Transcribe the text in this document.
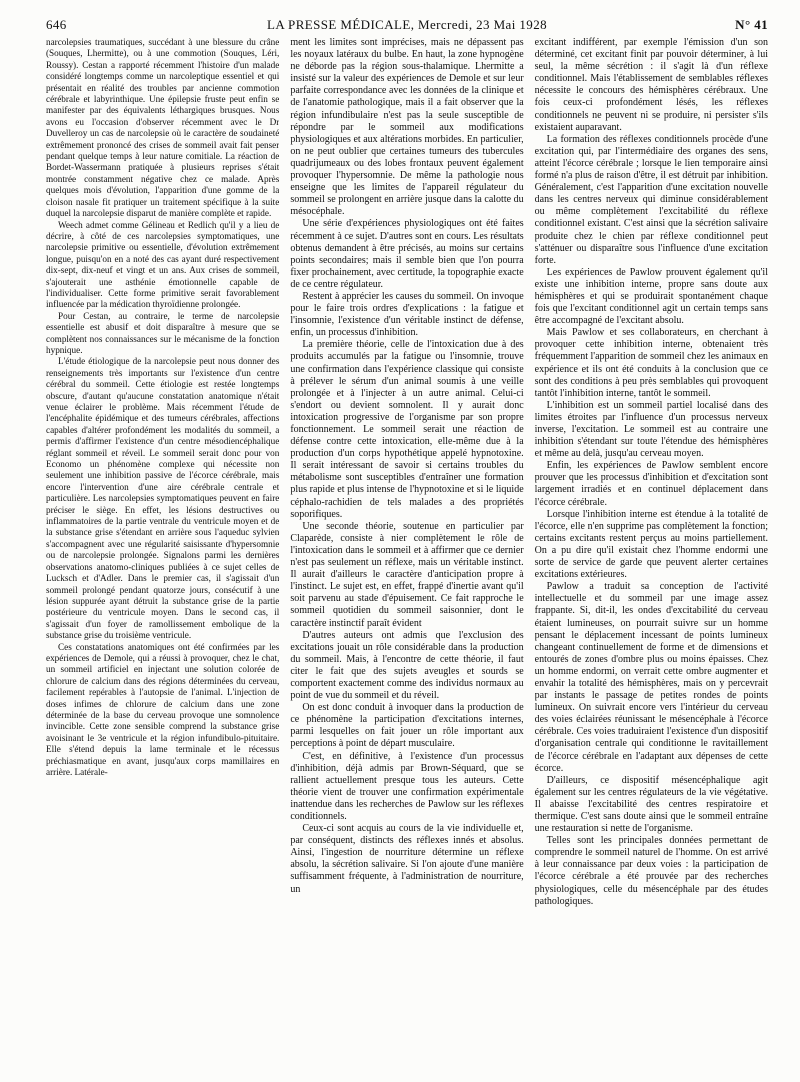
646	LA PRESSE MÉDICALE, Mercredi, 23 Mai 1928	N° 41

narcolepsies traumatiques, succédant à une blessure du crâne (Souques, Lhermitte), ou à une commotion (Souques, Léri, Roussy). Cestan a rapporté récemment l'histoire d'un malade considéré longtemps comme un narcoleptique essentiel et qui présentait en réalité des troubles par ancienne commotion cérébrale et labyrinthique. Une épilepsie fruste peut enfin se manifester par des équivalents léthargiques brusques. Nous avons eu l'occasion d'observer récemment avec le Dr Duvelleroy un cas de narcolepsie où le caractère de soudaineté extrêmement prononcé des crises de sommeil avait fait penser pendant quelque temps à leur nature comitiale. La réaction de Bordet-Wassermann pratiquée à plusieurs reprises s'était montrée constamment négative chez ce malade. Après quelques mois d'évolution, l'apparition d'une gomme de la cloison nasale fit pratiquer un traitement spécifique à la suite duquel la narcolepsie disparut de manière complète et rapide.

Weech admet comme Gélineau et Redlich qu'il y a lieu de décrire, à côté de ces narcolepsies symptomatiques, une narcolepsie primitive ou essentielle, d'évolution extrêmement longue, puisqu'on en a noté des cas ayant duré respectivement dix-sept, dix-neuf et vingt et un ans. Aux crises de sommeil, s'ajouterait une asthénie émotionnelle capable de l'individualiser. Cette forme primitive serait favorablement influencée par la médication thyroïdienne prolongée.

Pour Cestan, au contraire, le terme de narcolepsie essentielle est abusif et doit disparaître à mesure que se complètent nos connaissances sur le mécanisme de la fonction hypnique.

L'étude étiologique de la narcolepsie peut nous donner des renseignements très importants sur l'existence d'un centre cérébral du sommeil. Cette étiologie est restée longtemps obscure, d'autant qu'aucune constatation anatomique n'était venue éclairer le problème. Mais récemment l'étude de l'encéphalite épidémique et des tumeurs cérébrales, affections capables d'altérer profondément les modalités du sommeil, a permis d'affirmer l'existence d'un centre mésodiencéphalique réglant sommeil et réveil. Le sommeil serait donc pour von Economo un phénomène complexe qui nécessite non seulement une inhibition passive de l'écorce cérébrale, mais encore l'intervention d'une aire cérébrale centrale et particulière. Les narcolepsies symptomatiques peuvent en faire préciser le siège. En effet, les lésions destructives ou inflammatoires de la partie ventrale du ventricule moyen et de la substance grise s'étendant en arrière sous l'aqueduc sylvien s'accompagnent avec une régularité saisissante d'hypersomnie ou de narcolepsie prolongée. Signalons parmi les dernières observations anatomo-cliniques publiées à ce sujet celles de Lucksch et d'Adler. Dans le premier cas, il s'agissait d'un sommeil prolongé pendant quatorze jours, consécutif à une lésion suppurée ayant détruit la substance grise de la partie postérieure du ventricule moyen. Dans le second cas, il s'agissait d'un foyer de ramollissement embolique de la substance grise du troisième ventricule.

Ces constatations anatomiques ont été confirmées par les expériences de Demole, qui a réussi à provoquer, chez le chat, un sommeil artificiel en injectant une solution colorée de chlorure de calcium dans des régions déterminées du cerveau, facilement repérables à l'autopsie de l'animal. L'injection de doses infimes de chlorure de calcium dans une zone déterminée de la base du cerveau provoque une somnolence invincible. Cette zone sensible comprend la substance grise avoisinant le 3e ventricule et la région infundibulo-pituitaire. Elle s'étend depuis la lame terminale et le récessus préchiasmatique en avant, jusqu'aux corps mamillaires en arrière. Latérale-

ment les limites sont imprécises, mais ne dépassent pas les noyaux latéraux du bulbe. En haut, la zone hypnogène ne déborde pas la région sous-thalamique. Lhermitte a insisté sur la valeur des expériences de Demole et sur leur parfaite correspondance avec les données de la clinique et de l'anatomie pathologique, mais il a fait observer que la région infundibulaire n'est pas la seule susceptible de répondre par le sommeil aux modifications physiologiques et aux altérations morbides. En particulier, on ne peut oublier que certaines tumeurs des tubercules quadrijumeaux ou des lobes frontaux peuvent également provoquer l'hypersomnie. De même la pathologie nous enseigne que les limites de l'appareil régulateur du sommeil se prolongent en arrière jusque dans la calotte du mésocéphale.

Une série d'expériences physiologiques ont été faites récemment à ce sujet. D'autres sont en cours. Les résultats obtenus demandent à être précisés, au moins sur certains points secondaires; mais il semble bien que l'on pourra fixer prochainement, avec certitude, la topographie exacte de ce centre régulateur.

Restent à apprécier les causes du sommeil. On invoque pour le faire trois ordres d'explications : la fatigue et l'insomnie, l'existence d'un véritable instinct de défense, enfin, un processus d'inhibition.

La première théorie, celle de l'intoxication due à des produits accumulés par la fatigue ou l'insomnie, trouve une confirmation dans l'expérience classique qui consiste à prélever le sérum d'un animal soumis à une veille prolongée et à l'injecter à un autre animal. Celui-ci s'endort ou devient somnolent. Il y aurait donc intoxication progressive de l'organisme par son propre fonctionnement. Le sommeil serait une réaction de défense contre cette intoxication, elle-même due à la production d'un corps hypothétique appelé hypnotoxine. Il serait intéressant de savoir si certains troubles du métabolisme sont susceptibles d'entraîner une formation plus rapide et plus intense de l'hypnotoxine et si le liquide céphalo-rachidien de tels malades a des propriétés soporifiques.

Une seconde théorie, soutenue en particulier par Claparède, consiste à nier complètement le rôle de l'intoxication dans le sommeil et à affirmer que ce dernier n'est pas seulement un réflexe, mais un véritable instinct. Il aurait d'ailleurs le caractère d'anticipation propre à l'instinct. Le sujet est, en effet, frappé d'inertie avant qu'il soit parvenu au stade d'épuisement. Ce fait rapproche le sommeil quotidien du sommeil saisonnier, dont le caractère instinctif paraît évident

D'autres auteurs ont admis que l'exclusion des excitations jouait un rôle considérable dans la production du sommeil. Mais, à l'encontre de cette théorie, il faut citer le fait que des sujets aveugles et sourds se comportent exactement comme des individus normaux au point de vue du sommeil et du réveil.

On est donc conduit à invoquer dans la production de ce phénomène la participation d'excitations internes, parmi lesquelles on fait jouer un rôle important aux perceptions à point de départ musculaire.

C'est, en définitive, à l'existence d'un processus d'inhibition, déjà admis par Brown-Séquard, que se rallient actuellement presque tous les auteurs. Cette théorie vient de trouver une confirmation expérimentale inattendue dans les recherches de Pawlow sur les réflexes conditionnels.

Ceux-ci sont acquis au cours de la vie individuelle et, par conséquent, distincts des réflexes innés et absolus. Ainsi, l'ingestion de nourriture détermine un réflexe absolu, la sécrétion salivaire. Si l'on ajoute d'une manière suffisamment fréquente, à l'administration de nourriture, un

excitant indifférent, par exemple l'émission d'un son déterminé, cet excitant finit par pouvoir déterminer, à lui seul, la même sécrétion : il s'agit là d'un réflexe conditionnel. Mais l'établissement de semblables réflexes nécessite le concours des hémisphères cérébraux. Une fois ceux-ci profondément lésés, les réflexes conditionnels ne peuvent ni se produire, ni persister s'ils existaient auparavant.

La formation des réflexes conditionnels procède d'une excitation qui, par l'intermédiaire des organes des sens, atteint l'écorce cérébrale ; lorsque le lien temporaire ainsi formé n'a plus de raison d'être, il est détruit par inhibition. Généralement, c'est l'apparition d'une excitation nouvelle dans les centres nerveux qui diminue considérablement ou même complètement l'excitabilité du réflexe conditionnel existant. C'est ainsi que la sécrétion salivaire produite chez le chien par réflexe conditionnel peut s'atténuer ou disparaître sous l'influence d'une excitation forte.

Les expériences de Pawlow prouvent également qu'il existe une inhibition interne, propre sans doute aux hémisphères et qui se produirait spontanément chaque fois que l'excitant conditionnel agit un certain temps sans être accompagné de l'excitant absolu.

Mais Pawlow et ses collaborateurs, en cherchant à provoquer cette inhibition interne, obtenaient très fréquemment l'apparition de sommeil chez les animaux en expérience et ils ont été conduits à la conclusion que ce sont des conditions à peu près semblables qui provoquent tantôt l'inhibition interne, tantôt le sommeil.

L'inhibition est un sommeil partiel localisé dans des limites étroites par l'influence d'un processus nerveux inverse, l'excitation. Le sommeil est au contraire une inhibition s'étendant sur toute l'étendue des hémisphères et même au delà, jusqu'au cerveau moyen.

Enfin, les expériences de Pawlow semblent encore prouver que les processus d'inhibition et d'excitation sont largement irradiés et en continuel déplacement dans l'écorce cérébrale.

Lorsque l'inhibition interne est étendue à la totalité de l'écorce, elle n'en supprime pas complètement la fonction; certains excitants restent perçus au moins partiellement. On a pu dire qu'il existait chez l'homme endormi une sorte de service de garde que peuvent alerter certaines excitations extérieures.

Pawlow a traduit sa conception de l'activité intellectuelle et du sommeil par une image assez frappante. Si, dit-il, les ondes d'excitabilité du cerveau étaient lumineuses, on pourrait suivre sur un homme pensant le déplacement incessant de points lumineux changeant continuellement de forme et de dimensions et entourés de zones d'ombre plus ou moins épaisses. Chez un homme endormi, on verrait cette ombre augmenter et envahir la totalité des hémisphères, mais on y percevrait par instants le passage de petites rondes de points lumineux. On suivrait encore vers l'intérieur du cerveau des voies éclairées réunissant le mésencéphale à l'écorce cérébrale. Ces voies traduiraient l'existence d'un dispositif d'organisation centrale qui conditionne le ravitaillement de l'écorce cérébrale en l'adaptant aux dépenses de cette écorce.

D'ailleurs, ce dispositif mésencéphalique agit également sur les centres régulateurs de la vie végétative. Il abaisse l'excitabilité des centres respiratoire et thermique. C'est sans doute ainsi que le sommeil entraîne une restauration si nette de l'organisme.

Telles sont les principales données permettant de comprendre le sommeil naturel de l'homme. On est arrivé à leur connaissance par deux voies : la participation de l'écorce cérébrale a été prouvée par des recherches physiologiques, celle du mésencéphale par des études pathologiques.
